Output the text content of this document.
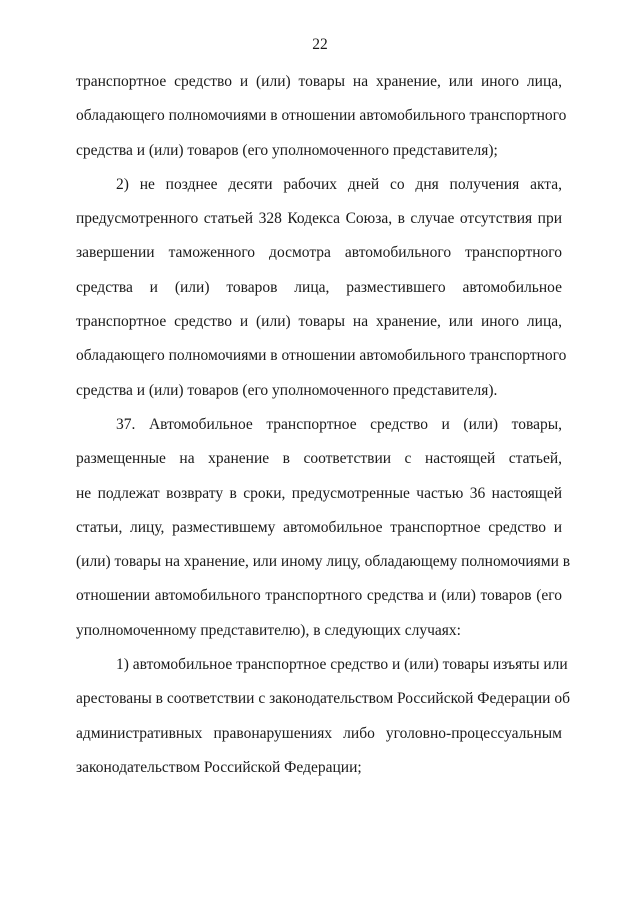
22
транспортное средство и (или) товары на хранение, или иного лица,
обладающего полномочиями в отношении автомобильного транспортного
средства и (или) товаров (его уполномоченного представителя);
2) не позднее десяти рабочих дней со дня получения акта,
предусмотренного статьей 328 Кодекса Союза, в случае отсутствия при
завершении таможенного досмотра автомобильного транспортного
средства и (или) товаров лица, разместившего автомобильное
транспортное средство и (или) товары на хранение, или иного лица,
обладающего полномочиями в отношении автомобильного транспортного
средства и (или) товаров (его уполномоченного представителя).
37. Автомобильное транспортное средство и (или) товары,
размещенные на хранение в соответствии с настоящей статьей,
не подлежат возврату в сроки, предусмотренные частью 36 настоящей
статьи, лицу, разместившему автомобильное транспортное средство и
(или) товары на хранение, или иному лицу, обладающему полномочиями в
отношении автомобильного транспортного средства и (или) товаров (его
уполномоченному представителю), в следующих случаях:
1) автомобильное транспортное средство и (или) товары изъяты или
арестованы в соответствии с законодательством Российской Федерации об
административных правонарушениях либо уголовно-процессуальным
законодательством Российской Федерации;
